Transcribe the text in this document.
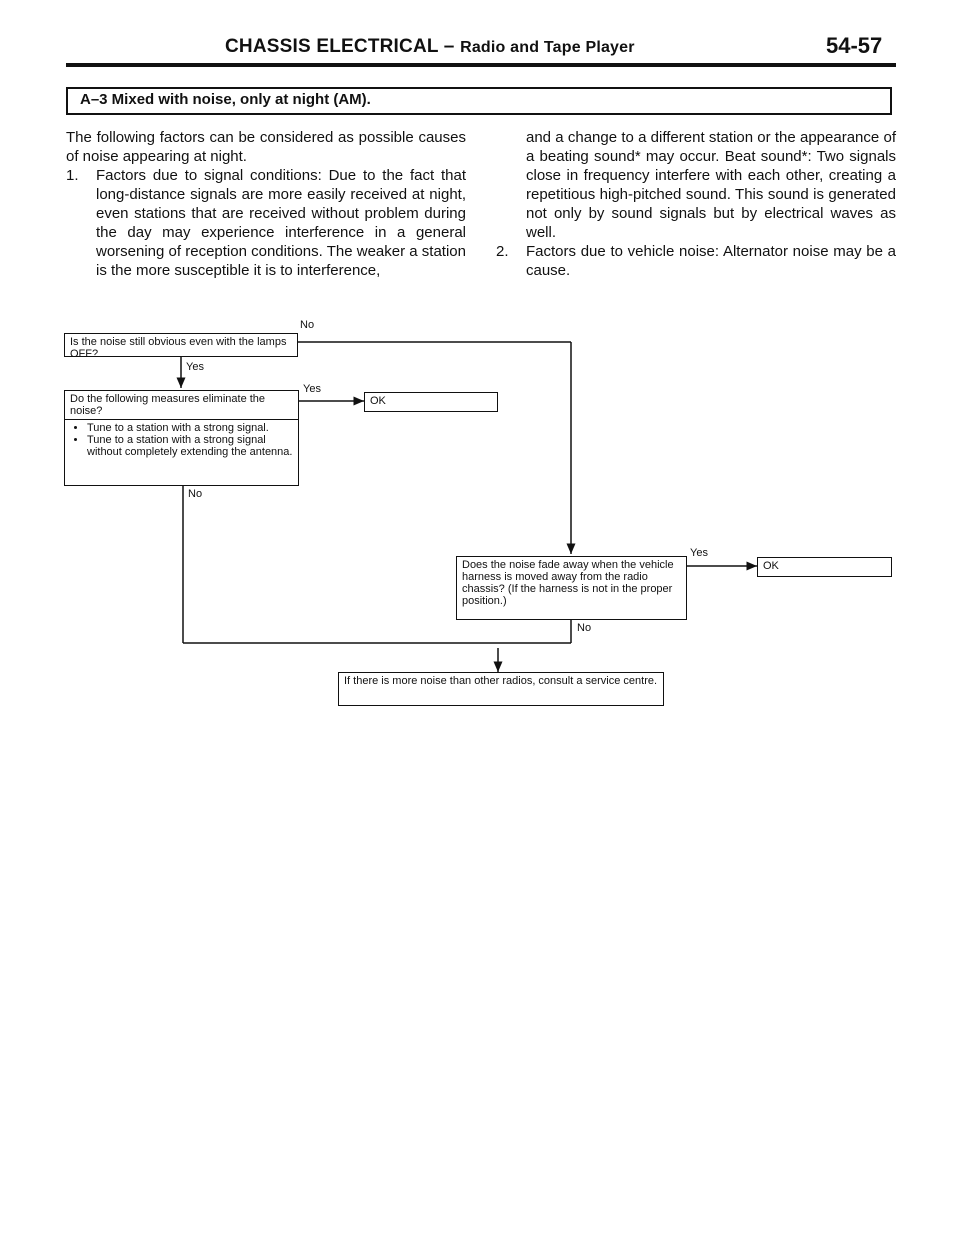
CHASSIS ELECTRICAL – Radio and Tape Player	54-57
A–3 Mixed with noise, only at night (AM).

The following factors can be considered as possible causes of noise appearing at night.

1. Factors due to signal conditions: Due to the fact that long-distance signals are more easily received at night, even stations that are received without problem during the day may experience interference in a general worsening of reception conditions. The weaker a station is the more susceptible it is to interference,
and a change to a different station or the appearance of a beating sound* may occur. Beat sound*: Two signals close in frequency interfere with each other, creating a repetitious high-pitched sound. This sound is generated not only by sound signals but by electrical waves as well.
2. Factors due to vehicle noise: Alternator noise may be a cause.
Is the noise still obvious even with the lamps OFF?
Do the following measures eliminate the noise?
• Tune to a station with a strong signal.
• Tune to a station with a strong signal without completely extending the antenna.
OK
Does the noise fade away when the vehicle harness is moved away from the radio chassis? (If the harness is not in the proper position.)
OK
If there is more noise than other radios, consult a service centre.
No
Yes
Yes
No
Yes
No
